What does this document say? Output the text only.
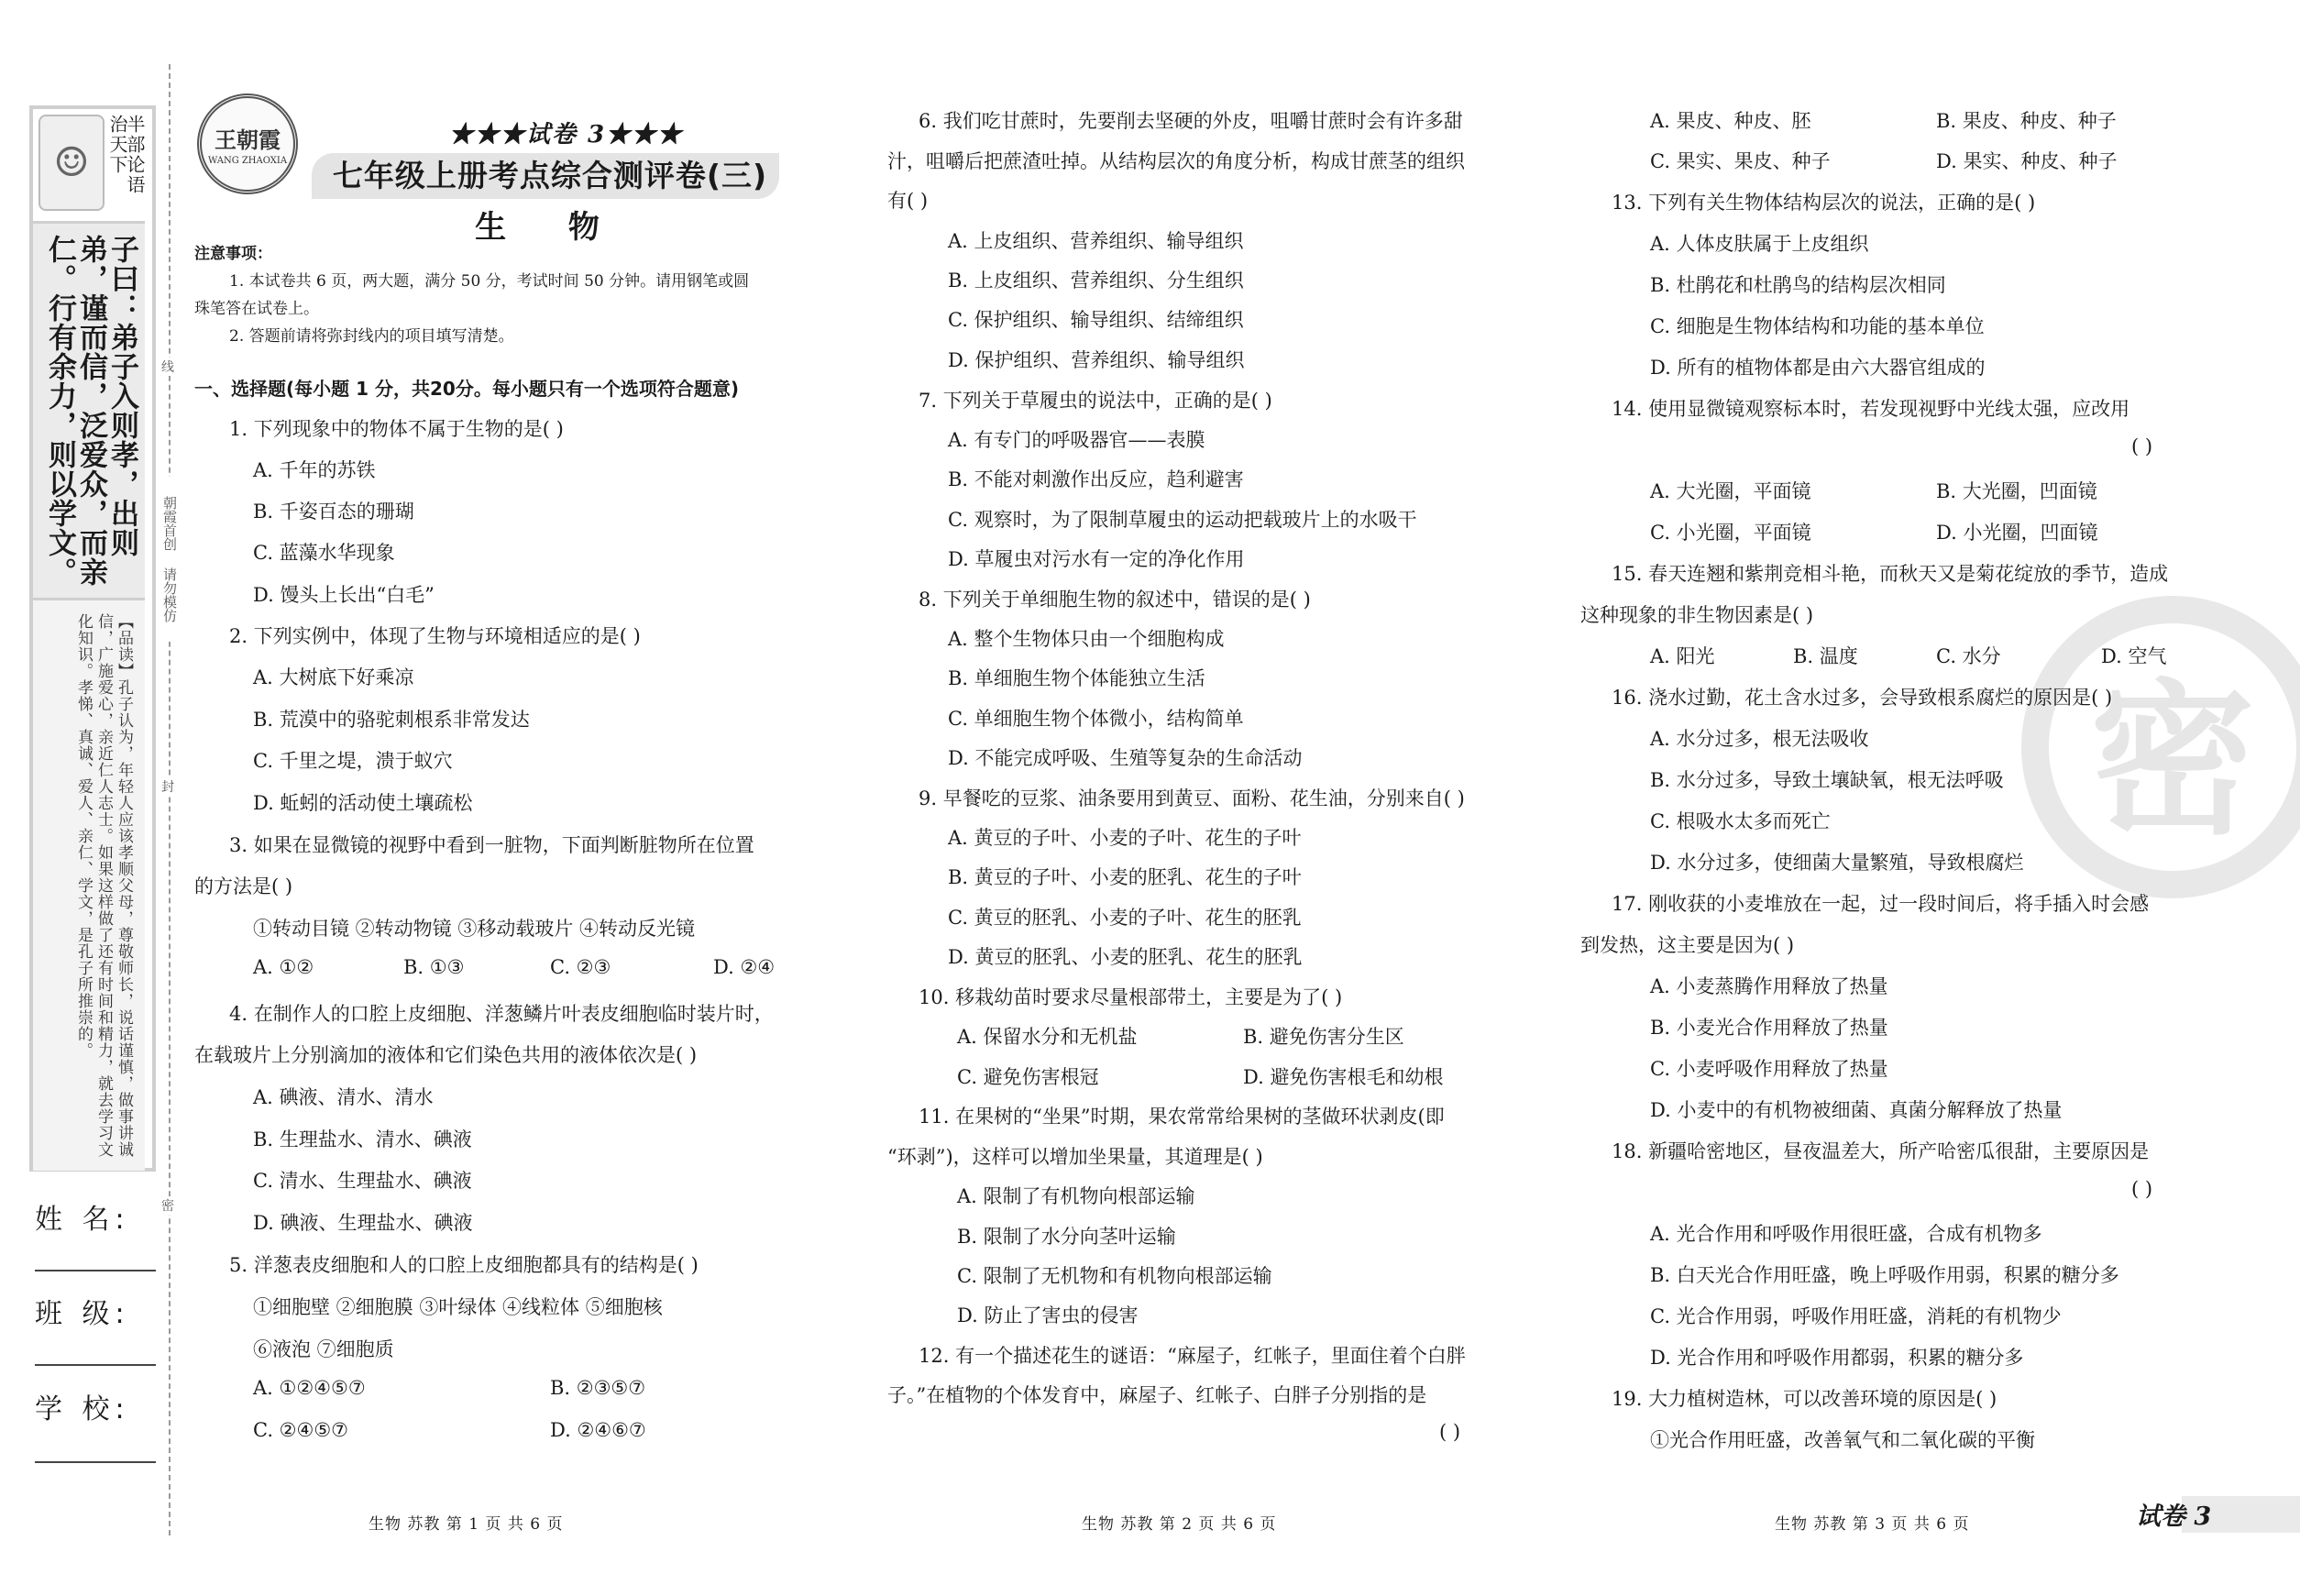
密
☺	半部论语治天下
子曰：弟子入则孝，出则弟，谨而信，泛爱众，而亲仁。行有余力，则以学文。
【品读】孔子认为，年轻人应该孝顺父母，尊敬师长，说话谨慎，做事讲诚信，广施爱心，亲近仁人志士。如果这样做了还有时间和精力，就去学习文化知识。孝悌、真诚、爱人、亲仁、学文，是孔子所推崇的。
姓 名:
班 级:
学 校:
线
朝霞首创 请勿模仿
封
密
王朝霞
WANG ZHAOXIA
★★★试卷 3★★★
七年级上册考点综合测评卷(三)
生 物

注意事项：

1. 本试卷共 6 页，两大题，满分 50 分，考试时间 50 分钟。请用钢笔或圆

珠笔答在试卷上。

2. 答题前请将弥封线内的项目填写清楚。

一、选择题(每小题 1 分，共20分。每小题只有一个选项符合题意)
1. 下列现象中的物体不属于生物的是( )
A. 千年的苏铁
B. 千姿百态的珊瑚
C. 蓝藻水华现象
D. 馒头上长出“白毛”
2. 下列实例中，体现了生物与环境相适应的是( )
A. 大树底下好乘凉
B. 荒漠中的骆驼刺根系非常发达
C. 千里之堤，溃于蚁穴
D. 蚯蚓的活动使土壤疏松
3. 如果在显微镜的视野中看到一脏物，下面判断脏物所在位置
的方法是( )
①转动目镜 ②转动物镜 ③移动载玻片 ④转动反光镜
A. ①②	B. ①③	C. ②③	D. ②④
4. 在制作人的口腔上皮细胞、洋葱鳞片叶表皮细胞临时装片时，
在载玻片上分别滴加的液体和它们染色共用的液体依次是( )
A. 碘液、清水、清水
B. 生理盐水、清水、碘液
C. 清水、生理盐水、碘液
D. 碘液、生理盐水、碘液
5. 洋葱表皮细胞和人的口腔上皮细胞都具有的结构是( )
①细胞壁 ②细胞膜 ③叶绿体 ④线粒体 ⑤细胞核
⑥液泡 ⑦细胞质
A. ①②④⑤⑦	B. ②③⑤⑦
C. ②④⑤⑦	D. ②④⑥⑦
6. 我们吃甘蔗时，先要削去坚硬的外皮，咀嚼甘蔗时会有许多甜
汁，咀嚼后把蔗渣吐掉。从结构层次的角度分析，构成甘蔗茎的组织
有( )
A. 上皮组织、营养组织、输导组织
B. 上皮组织、营养组织、分生组织
C. 保护组织、输导组织、结缔组织
D. 保护组织、营养组织、输导组织
7. 下列关于草履虫的说法中，正确的是( )
A. 有专门的呼吸器官——表膜
B. 不能对刺激作出反应，趋利避害
C. 观察时，为了限制草履虫的运动把载玻片上的水吸干
D. 草履虫对污水有一定的净化作用
8. 下列关于单细胞生物的叙述中，错误的是( )
A. 整个生物体只由一个细胞构成
B. 单细胞生物个体能独立生活
C. 单细胞生物个体微小，结构简单
D. 不能完成呼吸、生殖等复杂的生命活动
9. 早餐吃的豆浆、油条要用到黄豆、面粉、花生油，分别来自( )
A. 黄豆的子叶、小麦的子叶、花生的子叶
B. 黄豆的子叶、小麦的胚乳、花生的子叶
C. 黄豆的胚乳、小麦的子叶、花生的胚乳
D. 黄豆的胚乳、小麦的胚乳、花生的胚乳
10. 移栽幼苗时要求尽量根部带土，主要是为了( )
A. 保留水分和无机盐	B. 避免伤害分生区
C. 避免伤害根冠	D. 避免伤害根毛和幼根
11. 在果树的“坐果”时期，果农常常给果树的茎做环状剥皮(即
“环剥”)，这样可以增加坐果量，其道理是( )
A. 限制了有机物向根部运输
B. 限制了水分向茎叶运输
C. 限制了无机物和有机物向根部运输
D. 防止了害虫的侵害
12. 有一个描述花生的谜语：“麻屋子，红帐子，里面住着个白胖
子。”在植物的个体发育中，麻屋子、红帐子、白胖子分别指的是
( )
A. 果皮、种皮、胚	B. 果皮、种皮、种子
C. 果实、果皮、种子	D. 果实、种皮、种子
13. 下列有关生物体结构层次的说法，正确的是( )
A. 人体皮肤属于上皮组织
B. 杜鹃花和杜鹃鸟的结构层次相同
C. 细胞是生物体结构和功能的基本单位
D. 所有的植物体都是由六大器官组成的
14. 使用显微镜观察标本时，若发现视野中光线太强，应改用
( )
A. 大光圈，平面镜	B. 大光圈，凹面镜
C. 小光圈，平面镜	D. 小光圈，凹面镜
15. 春天连翘和紫荆竞相斗艳，而秋天又是菊花绽放的季节，造成
这种现象的非生物因素是( )
A. 阳光	B. 温度	C. 水分	D. 空气
16. 浇水过勤，花土含水过多，会导致根系腐烂的原因是( )
A. 水分过多，根无法吸收
B. 水分过多，导致土壤缺氧，根无法呼吸
C. 根吸水太多而死亡
D. 水分过多，使细菌大量繁殖，导致根腐烂
17. 刚收获的小麦堆放在一起，过一段时间后，将手插入时会感
到发热，这主要是因为( )
A. 小麦蒸腾作用释放了热量
B. 小麦光合作用释放了热量
C. 小麦呼吸作用释放了热量
D. 小麦中的有机物被细菌、真菌分解释放了热量
18. 新疆哈密地区，昼夜温差大，所产哈密瓜很甜，主要原因是
( )
A. 光合作用和呼吸作用很旺盛，合成有机物多
B. 白天光合作用旺盛，晚上呼吸作用弱，积累的糖分多
C. 光合作用弱，呼吸作用旺盛，消耗的有机物少
D. 光合作用和呼吸作用都弱，积累的糖分多
19. 大力植树造林，可以改善环境的原因是( )
①光合作用旺盛，改善氧气和二氧化碳的平衡
生物 苏教 第 1 页 共 6 页	生物 苏教 第 2 页 共 6 页	生物 苏教 第 3 页 共 6 页	试卷 3
